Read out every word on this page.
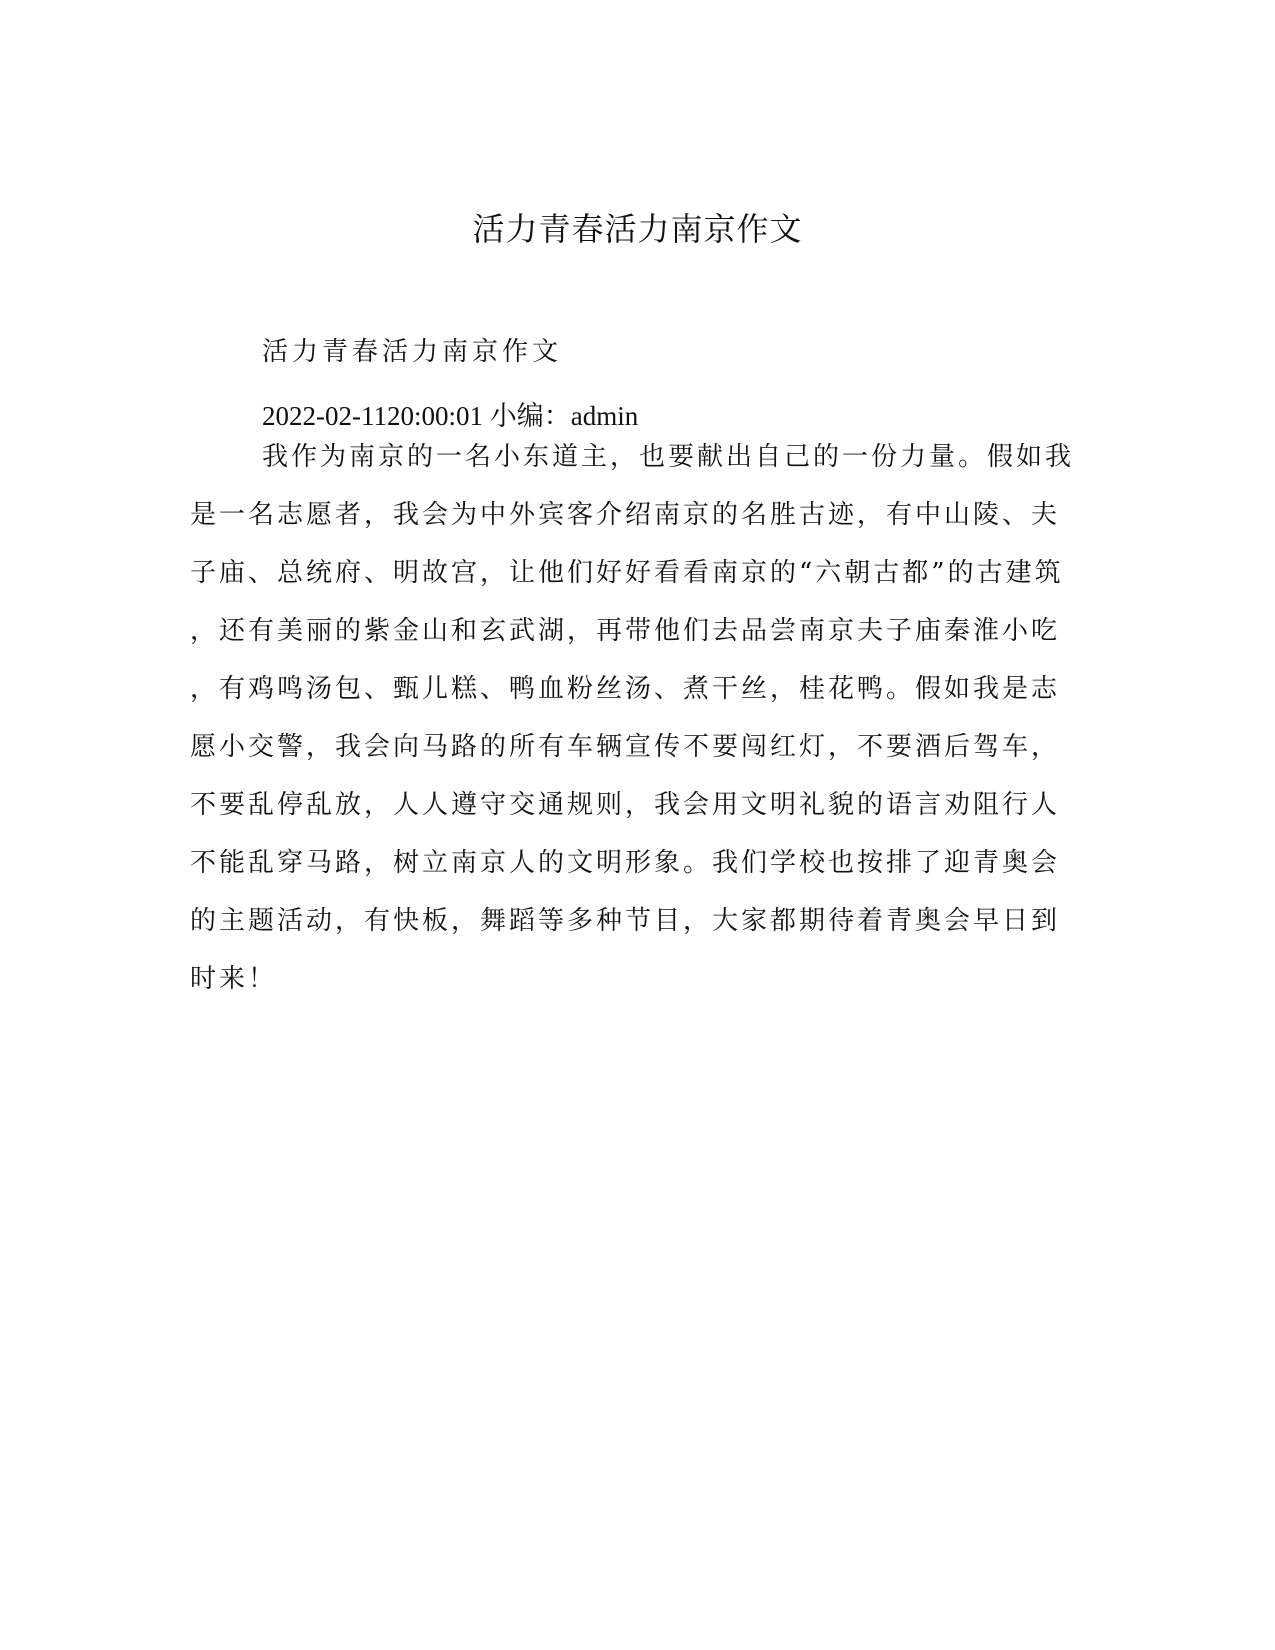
活力青春活力南京作文
活力青春活力南京作文
2022-02-1120:00:01 小编：admin
我作为南京的一名小东道主，也要献出自己的一份力量。假如我
是一名志愿者，我会为中外宾客介绍南京的名胜古迹，有中山陵、夫
子庙、总统府、明故宫，让他们好好看看南京的“六朝古都”的古建筑
，还有美丽的紫金山和玄武湖，再带他们去品尝南京夫子庙秦淮小吃
，有鸡鸣汤包、甄儿糕、鸭血粉丝汤、煮干丝，桂花鸭。假如我是志
愿小交警，我会向马路的所有车辆宣传不要闯红灯，不要酒后驾车，
不要乱停乱放，人人遵守交通规则，我会用文明礼貌的语言劝阻行人
不能乱穿马路，树立南京人的文明形象。我们学校也按排了迎青奥会
的主题活动，有快板，舞蹈等多种节目，大家都期待着青奥会早日到
时来！
